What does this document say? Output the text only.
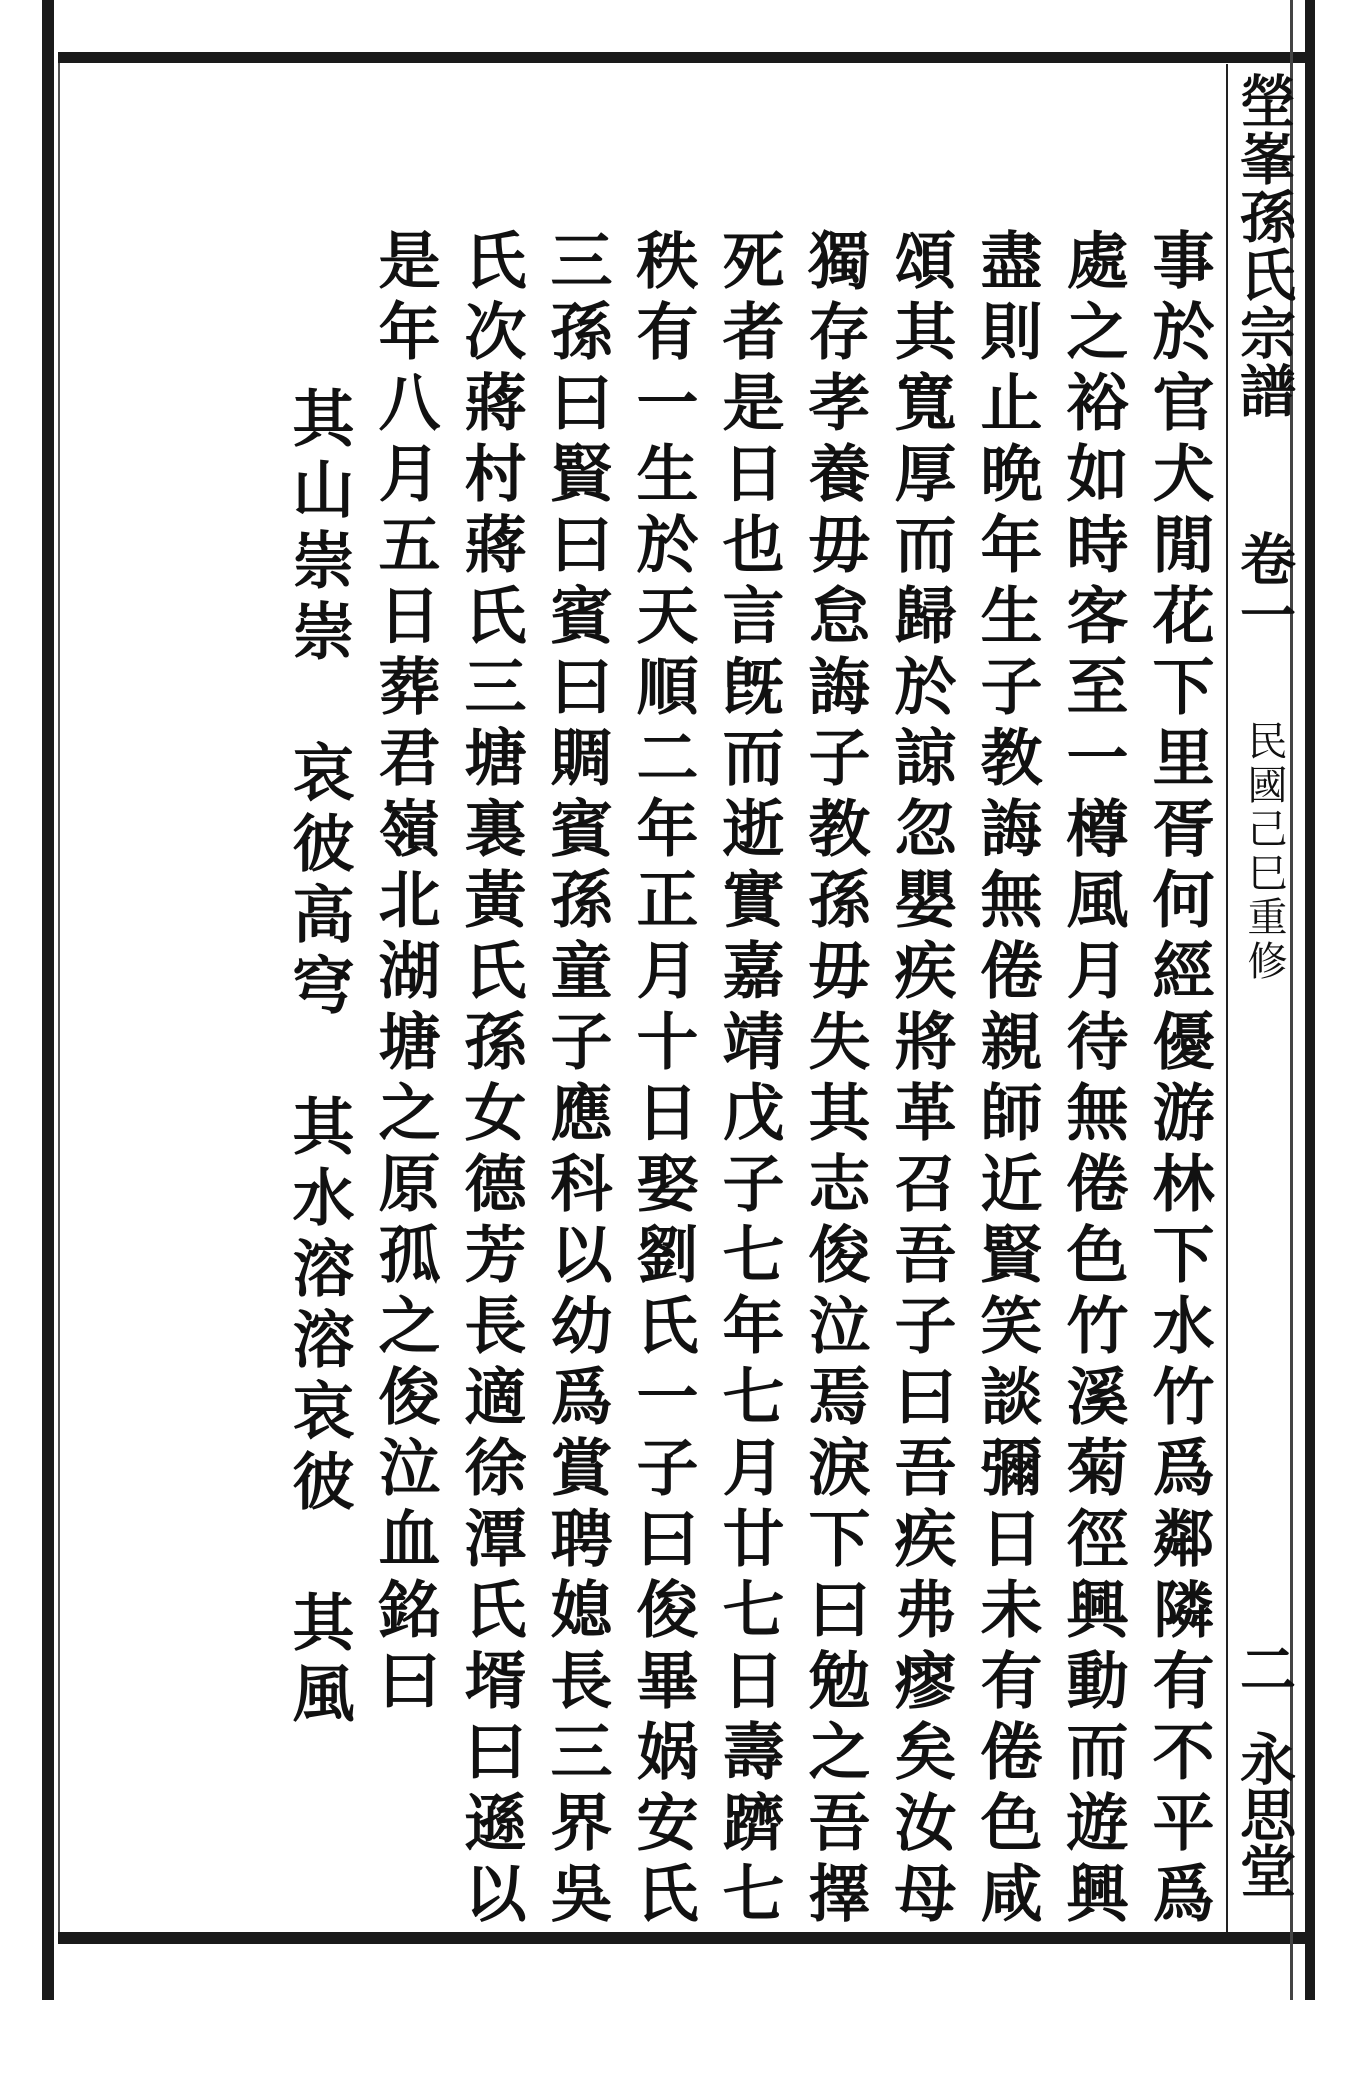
塋峯孫氏宗譜
卷一
民國己巳重修
二
永思堂
事於官犬閒花下里胥何經優游林下水竹爲鄰隣有不平爲
處之裕如時客至一樽風月待無倦色竹溪菊徑興動而遊興
盡則止晩年生子教誨無倦親師近賢笑談彌日未有倦色咸
頌其寬厚而歸於諒忽嬰疾將革召吾子曰吾疾弗瘳矣汝母
獨存孝養毋怠誨子教孫毋失其志俊泣焉淚下曰勉之吾擇
死者是日也言旣而逝實嘉靖戊子七年七月廿七日壽躋七
秩有一生於天順二年正月十日娶劉氏一子曰俊畢娲安氏
三孫曰賢曰賓曰賙賓孫童子應科以幼爲賞聘媳長三界吳
氏次蔣村蔣氏三塘裏黃氏孫女德芳長適徐潭氏壻曰遜以
是年八月五日葬君嶺北湖塘之原孤之俊泣血銘曰
其山崇崇哀彼高穹其水溶溶哀彼其風
